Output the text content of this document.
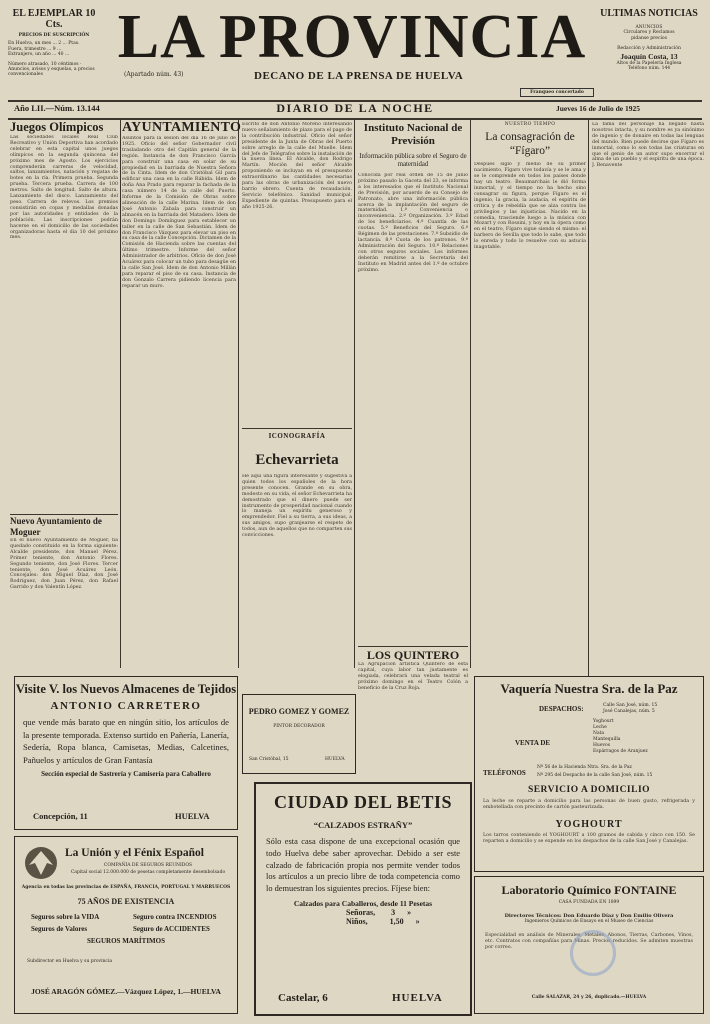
EL EJEMPLAR 10 Cts.
PRECIOS DE SUSCRIPCIÓN
En Huelva, un mes ... 2 ... Ptas.
Fuera, trimestre ... 9 ...
Extranjero, un año ... 40 ...
Número atrasado, 10 céntimos · Anuncios, avisos y esquelas, a precios convencionales
LA PROVINCIA
(Apartado núm. 43)	DECANO DE LA PRENSA DE HUELVA
Franqueo concertado
ULTIMAS NOTICIAS
ANUNCIOS
Circulares y Reclamos
pidanse precios
Redacción y Administración
Joaquín Costa, 13
Altos de la Papelería Inglesa
Teléfono núm. 144
Año LII.—Núm. 13.144	DIARIO DE LA NOCHE	Jueves 16 de Julio de 1925
Juegos Olímpicos
Las sociedades locales Real Club Recreativo y Unión Deportiva han acordado celebrar en esta capital unos juegos olímpicos en la segunda quincena del próximo mes de Agosto. Los ejercicios comprenderán carreras de velocidad, saltos, lanzamientos, natación y regatas de botes en la ría. Primera prueba. Segunda prueba. Tercera prueba. Carrera de 100 metros. Salto de longitud. Salto de altura. Lanzamiento del disco. Lanzamiento del peso. Carrera de relevos. Los premios consistirán en copas y medallas donadas por las autoridades y entidades de la población. Las inscripciones podrán hacerse en el domicilio de las sociedades organizadoras hasta el día 10 del próximo mes.
Nuevo Ayuntamiento de Moguer
En el nuevo Ayuntamiento de Moguer, ha quedado constituido en la forma siguiente: Alcalde presidente, don Manuel Pérez. Primer teniente, don Antonio Flores. Segundo teniente, don José Flores. Tercer teniente, don José Acuárez León. Concejales: don Miguel Díaz, don José Rodríguez, don Juan Pérez, don Rafael Garrido y don Valentín López.
AYUNTAMIENTO
Asuntos para la sesión del día 16 de julio de 1925. Oficio del señor Gobernador civil trasladando otro del Capitán general de la región. Instancia de don Francisco García para construir una casa en solar de su propiedad en la barriada de Nuestra Señora de la Cinta. Idem de don Cristóbal Gil para edificar una casa en la calle Rábida. Idem de doña Ana Prado para reparar la fachada de la casa número 14 de la calle del Puerto. Informe de la Comisión de Obras sobre alineación de la calle Marina. Idem de don José Antonio Zabala para construir un almacén en la barriada del Matadero. Idem de don Domingo Domínguez para establecer un taller en la calle de San Sebastián. Idem de don Francisco Vázquez para elevar un piso en su casa de la calle Concepción. Dictamen de la Comisión de Hacienda sobre las cuentas del último trimestre. Informe del señor Administrador de arbitrios. Oficio de don José Acuárez para colocar un tubo para desagüe en la calle San José. Idem de don Antonio Millán para reparar el piso de su casa. Instancia de don Gonzalo Carrera pidiendo licencia para reparar un muro.
Escrito de don Antonio Moreno interesando nuevo señalamiento de plazo para el pago de la contribución industrial. Oficio del señor presidente de la Junta de Obras del Puerto sobre arreglo de la calle del Muelle. Idem del Jefe de Telégrafos sobre la instalación de la nueva línea. El Alcalde, don Rodrigo Martín. Moción del señor Alcalde proponiendo se incluyan en el presupuesto extraordinario las cantidades necesarias para las obras de urbanización del nuevo barrio obrero. Cuenta de recaudación. Servicio telefónico. Sanidad municipal. Expediente de quintas. Presupuesto para el año 1925-26.
ICONOGRAFÍA
Echevarrieta
He aquí una figura interesante y sugestiva a quien todos los españoles de la hora presente conocen. Grande en su obra, modesto en su vida, el señor Echevarrieta ha demostrado que el dinero puede ser instrumento de prosperidad nacional cuando lo maneja un espíritu generoso y emprendedor. Fiel a su tierra, a sus ideas, a sus amigos, supo granjearse el respeto de todos, aun de aquellos que no comparten sus convicciones.
Instituto Nacional de Previsión
Información pública sobre el Seguro de maternidad
Conocida por real orden de 15 de junio próximo pasado la Gaceta del 23, se informa a los interesados que el Instituto Nacional de Previsión, por acuerdo de su Consejo de Patronato, abre una información pública acerca de la implantación del seguro de maternidad. 1.º Conveniencia o inconveniencia. 2.º Organización. 3.º Edad de los beneficiarios. 4.º Cuantía de las cuotas. 5.º Beneficios del Seguro. 6.º Régimen de las prestaciones. 7.º Subsidio de lactancia. 8.º Cuota de los patronos. 9.º Administración del Seguro. 10.º Relaciones con otros seguros sociales. Los informes deberán remitirse a la Secretaría del Instituto en Madrid antes del 1.º de octubre próximo.
LOS QUINTERO
La Agrupación artística Quintero de esta capital, cuya labor tan justamente es elogiada, celebrará una velada teatral el próximo domingo en el Teatro Colón a beneficio de la Cruz Roja.
NUESTRO TIEMPO
La consagración de “Fígaro”
Después siglo y medio de su primer nacimiento, Fígaro vive todavía y se le ama y se le comprende en todos los países donde hay un teatro. Beaumarchais le dió forma inmortal, y el tiempo no ha hecho sino consagrar su figura, porque Fígaro es el ingenio, la gracia, la audacia, el espíritu de crítica y de rebeldía que se alza contra los privilegios y las injusticias. Nacido en la comedia, trasciende luego a la música con Mozart y con Rossini, y hoy en la ópera como en el teatro, Fígaro sigue siendo el mismo: el barbero de Sevilla que todo lo sabe, que todo lo enreda y todo lo resuelve con su astucia inagotable.
La fama del personaje ha llegado hasta nosotros intacta, y su nombre es ya sinónimo de ingenio y de donaire en todas las lenguas del mundo. Bien puede decirse que Fígaro es inmortal, como lo son todas las criaturas en que el genio de un autor supo encerrar el alma de un pueblo y el espíritu de una época. J. Benavente
Visite V. los Nuevos Almacenes de Tejidos
ANTONIO CARRETERO
que vende más barato que en ningún sitio, los artículos de la presente temporada. Extenso surtido en Pañería, Lanería, Sedería, Ropa blanca, Camisetas, Medias, Calcetines, Pañuelos y artículos de Gran Fantasía
Sección especial de Sastrería y Camisería para Caballero
Concepción, 11	HUELVA
La Unión y el Fénix Español
COMPAÑÍA DE SEGUROS REUNIDOS
Capital social 12.000.000 de pesetas completamente desembolsado
Agencia en todas las provincias de ESPAÑA, FRANCIA, PORTUGAL Y MARRUECOS
75 AÑOS DE EXISTENCIA
Seguros sobre la VIDA	Seguro contra INCENDIOS
Seguros de Valores	Seguro de ACCIDENTES
SEGUROS MARÍTIMOS
Subdirector en Huelva y su provincia
JOSÉ ARAGÓN GÓMEZ.—Vázquez López, 1.—HUELVA
PEDRO GOMEZ Y GOMEZ
PINTOR DECORADOR
San Cristóbal, 15	HUELVA
CIUDAD DEL BETIS
“CALZADOS ESTRAÑY”
Sólo esta casa dispone de una excepcional ocasión que todo Huelva debe saber aprovechar. Debido a ser este calzado de fabricación propia nos permite vender todos los artículos a un precio libre de toda competencia como lo demuestran los siguientes precios. Fíjese bien:
Calzados para Caballeros, desde 11 Pesetas
Señoras, 3 »
Niños,	1,50 »
Castelar, 6	HUELVA
Vaquería Nuestra Sra. de la Paz
DESPACHOS:	Calle San José, núm. 15
José Canalejas, núm. 5
VENTA DE
Yoghourt
Leche
Nata
Mantequilla
Huevos
Espárragos de Aranjuez
TELÉFONOS
Nº 56 de la Hacienda Ntra. Sra. de la Paz
Nº 295 del Despacho de la calle San José, núm. 15
SERVICIO A DOMICILIO
La leche se reparte a domicilio para las personas de buen gusto, refrigerada y embotellada con precinto de cartón pasteurizada.
YOGHOURT
Los tarros conteniendo el YOGHOURT a 100 gramos de cabida y cinco con 150. Se reparten a domicilio y se expende en los despachos de la calle San José y Canalejas.
Laboratorio Químico FONTAINE
CASA FUNDADA EN 1899
Directores Técnicos: Don Eduardo Díaz y Don Emilio Olivera
Ingenieros Químicos de Ensayo en el Museo de Ciencias
Especialidad en análisis de Minerales, Metales, Abonos, Tierras, Carbones, Vinos, etc. Contratos con compañías para Minas. Precios reducidos. Se admiten muestras por correo.
Calle SALAZAR, 24 y 26, duplicado.—HUELVA
